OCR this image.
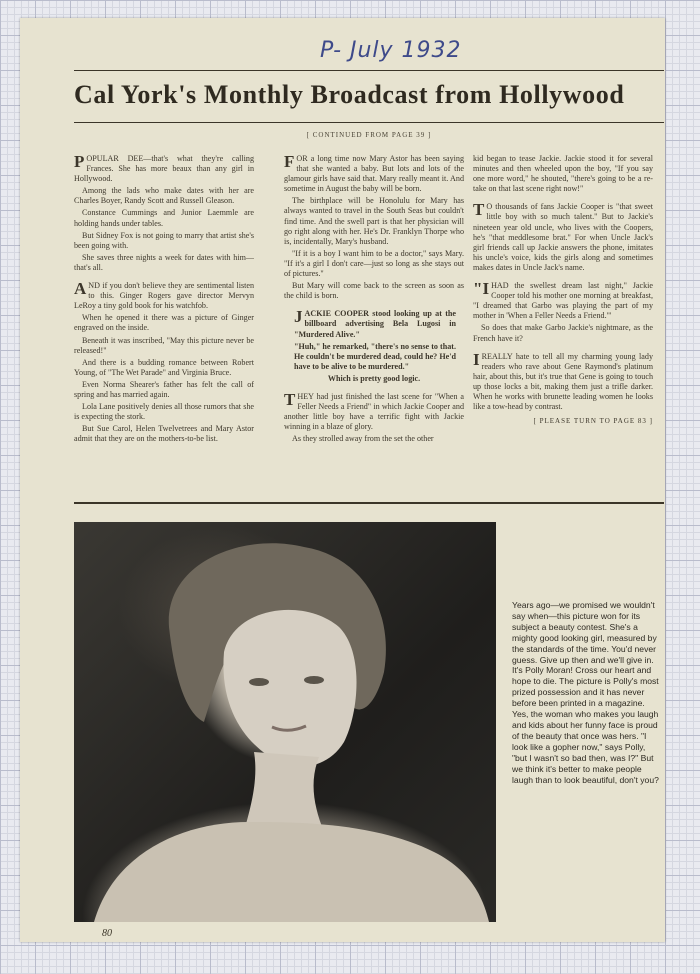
P- July 1932
Cal York's Monthly Broadcast from Hollywood
[ CONTINUED FROM PAGE 39 ]

POPULAR DEE—that's what they're calling Frances. She has more beaux than any girl in Hollywood.

Among the lads who make dates with her are Charles Boyer, Randy Scott and Russell Gleason.

Constance Cummings and Junior Laemmle are holding hands under tables.

But Sidney Fox is not going to marry that artist she's been going with.

She saves three nights a week for dates with him—that's all.

AND if you don't believe they are sentimental listen to this. Ginger Rogers gave director Mervyn LeRoy a tiny gold book for his watchfob.

When he opened it there was a picture of Ginger engraved on the inside.

Beneath it was inscribed, "May this picture never be released!"

And there is a budding romance between Robert Young, of "The Wet Parade" and Virginia Bruce.

Even Norma Shearer's father has felt the call of spring and has married again.

Lola Lane positively denies all those rumors that she is expecting the stork.

But Sue Carol, Helen Twelvetrees and Mary Astor admit that they are on the mothers-to-be list.

FOR a long time now Mary Astor has been saying that she wanted a baby. But lots and lots of the glamour girls have said that. Mary really meant it. And sometime in August the baby will be born.

The birthplace will be Honolulu for Mary has always wanted to travel in the South Seas but couldn't find time. And the swell part is that her physician will go right along with her. He's Dr. Franklyn Thorpe who is, incidentally, Mary's husband.

"If it is a boy I want him to be a doctor," says Mary. "If it's a girl I don't care—just so long as she stays out of pictures."

But Mary will come back to the screen as soon as the child is born.

JACKIE COOPER stood looking up at the billboard advertising Bela Lugosi in "Murdered Alive."

"Huh," he remarked, "there's no sense to that. He couldn't be murdered dead, could he? He'd have to be alive to be murdered."

Which is pretty good logic.

THEY had just finished the last scene for "When a Feller Needs a Friend" in which Jackie Cooper and another little boy have a terrific fight with Jackie winning in a blaze of glory.

As they strolled away from the set the other

kid began to tease Jackie. Jackie stood it for several minutes and then wheeled upon the boy, "If you say one more word," he shouted, "there's going to be a re-take on that last scene right now!"

T O thousands of fans Jackie Cooper is "that sweet little boy with so much talent." But to Jackie's nineteen year old uncle, who lives with the Coopers, he's "that meddlesome brat." For when Uncle Jack's girl friends call up Jackie answers the phone, imitates his uncle's voice, kids the girls along and sometimes makes dates in Uncle Jack's name.

"I HAD the swellest dream last night," Jackie Cooper told his mother one morning at breakfast, "I dreamed that Garbo was playing the part of my mother in 'When a Feller Needs a Friend.'"

So does that make Garbo Jackie's nightmare, as the French have it?

I REALLY hate to tell all my charming young lady readers who rave about Gene Raymond's platinum hair, about this, but it's true that Gene is going to touch up those locks a bit, making them just a trifle darker. When he works with brunette leading women he looks like a tow-head by contrast.

[ PLEASE TURN TO PAGE 83 ]

Years ago—we promised we wouldn't say when—this picture won for its subject a beauty contest. She's a mighty good looking girl, measured by the standards of the time. You'd never guess. Give up then and we'll give in. It's Polly Moran! Cross our heart and hope to die. The picture is Polly's most prized possession and it has never before been printed in a magazine. Yes, the woman who makes you laugh and kids about her funny face is proud of the beauty that once was hers. "I look like a gopher now," says Polly, "but I wasn't so bad then, was I?" But we think it's better to make people laugh than to look beautiful, don't you?
80
